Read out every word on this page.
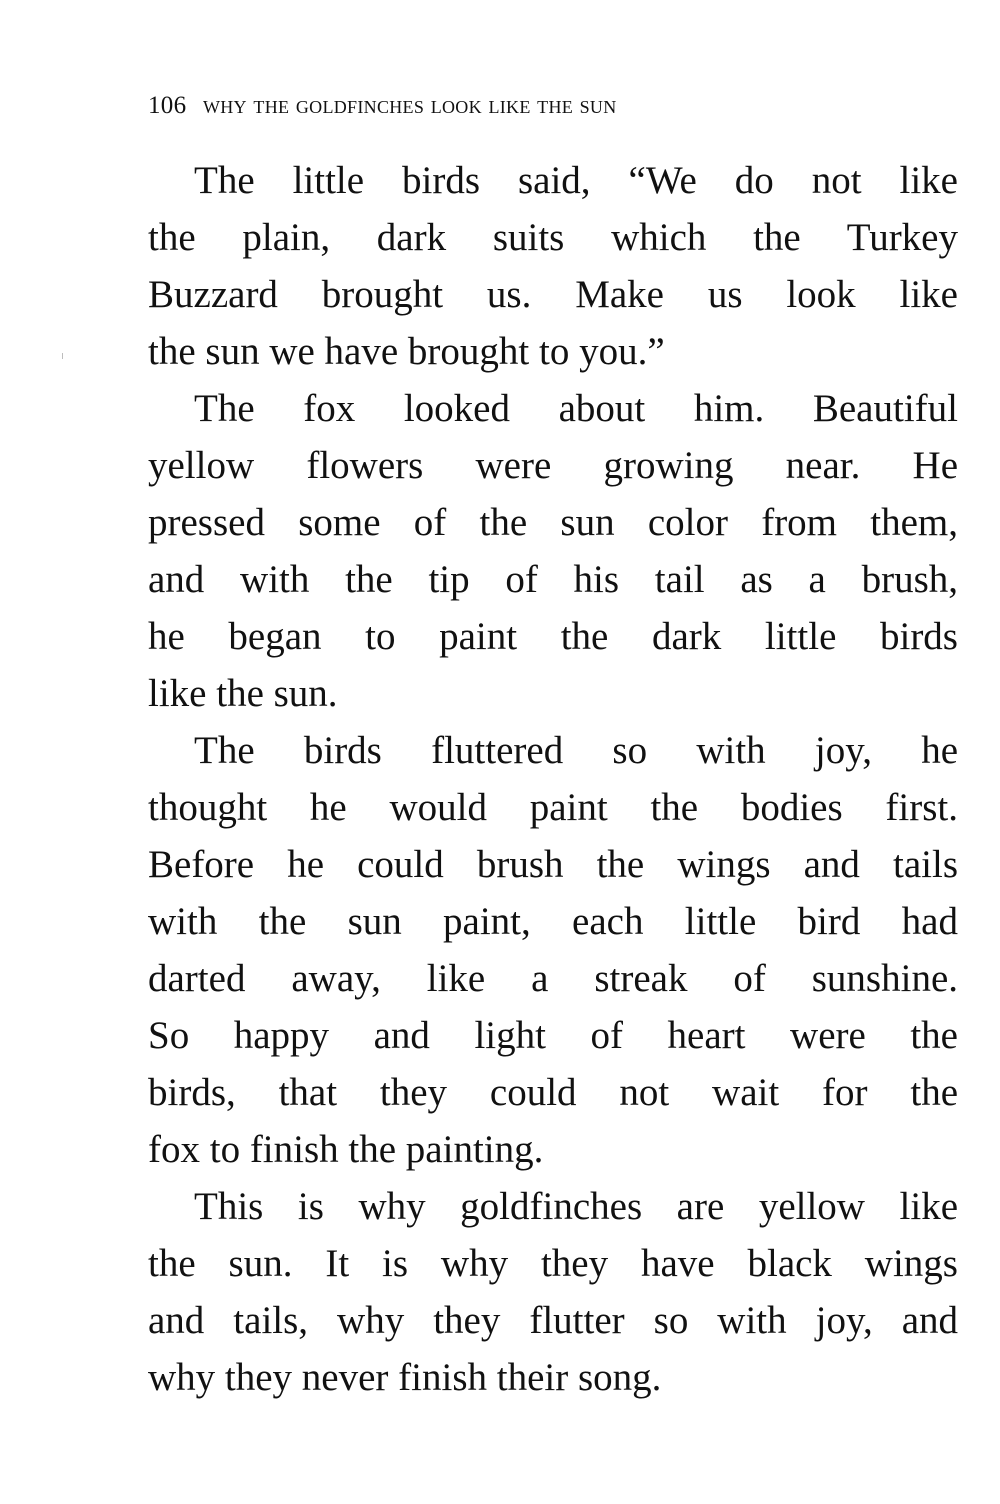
106 why the goldfinches look like the sun
The little birds said, “We do not like
the plain, dark suits which the Turkey
Buzzard brought us. Make us look like
the sun we have brought to you.”
The fox looked about him. Beautiful
yellow flowers were growing near. He
pressed some of the sun color from them,
and with the tip of his tail as a brush,
he began to paint the dark little birds
like the sun.
The birds fluttered so with joy, he
thought he would paint the bodies first.
Before he could brush the wings and tails
with the sun paint, each little bird had
darted away, like a streak of sunshine.
So happy and light of heart were the
birds, that they could not wait for the
fox to finish the painting.
This is why goldfinches are yellow like
the sun. It is why they have black wings
and tails, why they flutter so with joy, and
why they never finish their song.
